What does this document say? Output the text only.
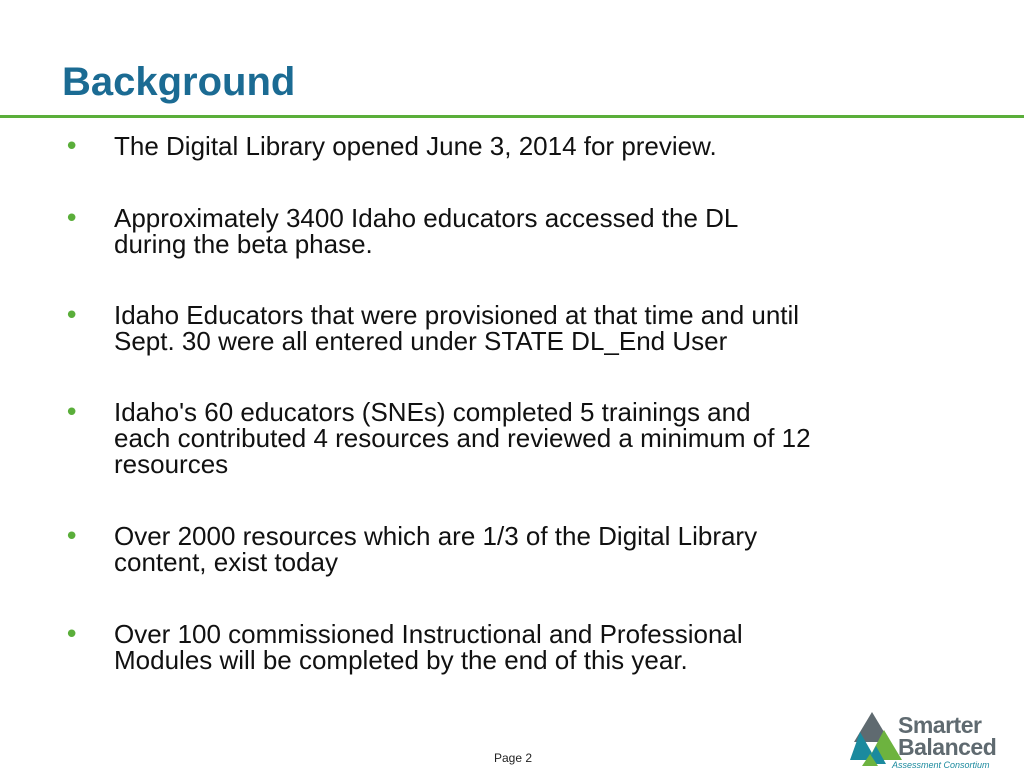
Background
• The Digital Library opened June 3, 2014 for preview.
• Approximately 3400 Idaho educators accessed the DL
during the beta phase.
• Idaho Educators that were provisioned at that time and until
Sept. 30 were all entered under STATE DL_End User
• Idaho's 60 educators (SNEs) completed 5 trainings and
each contributed 4 resources and reviewed a minimum of 12
resources
• Over 2000 resources which are 1/3 of the Digital Library
content, exist today
• Over 100 commissioned Instructional and Professional
Modules will be completed by the end of this year.
Page 2
Smarter
Balanced
Assessment Consortium
